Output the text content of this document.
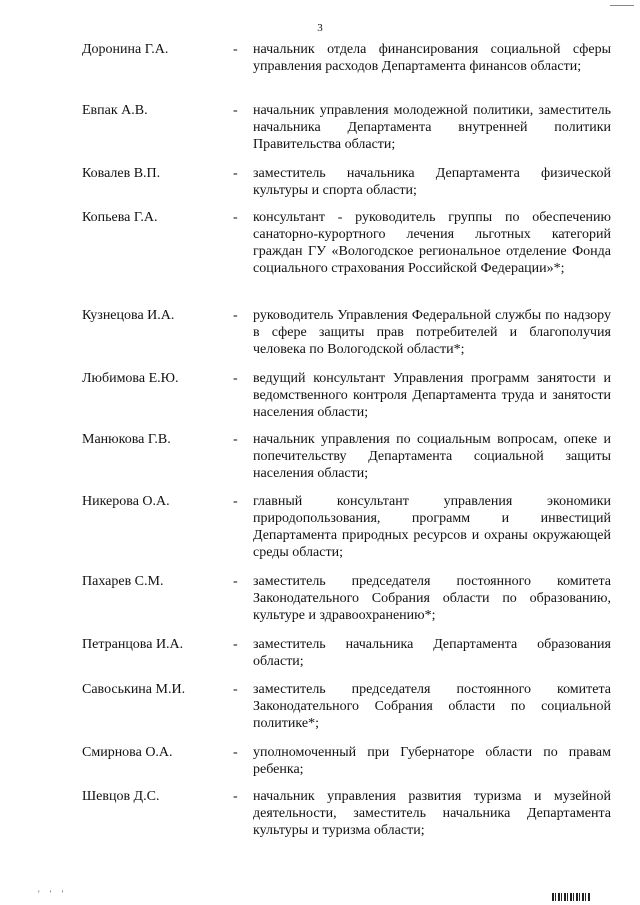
3
Доронина Г.А.	- начальник отдела финансирования социальной сферы управления расходов Департамента финансов области;
Евпак А.В.	- начальник управления молодежной политики, заместитель начальника Департамента внутренней политики Правительства области;
Ковалев В.П.	- заместитель начальника Департамента физической культуры и спорта области;
Копьева Г.А.	- консультант - руководитель группы по обеспечению санаторно-курортного лечения льготных категорий граждан ГУ «Вологодское региональное отделение Фонда социального страхования Российской Федерации»*;
Кузнецова И.А.	- руководитель Управления Федеральной службы по надзору в сфере защиты прав потребителей и благополучия человека по Вологодской области*;
Любимова Е.Ю.	- ведущий консультант Управления программ занятости и ведомственного контроля Департамента труда и занятости населения области;
Манюкова Г.В.	- начальник управления по социальным вопросам, опеке и попечительству Департамента социальной защиты населения области;
Никерова О.А.	- главный консультант управления экономики природопользования, программ и инвестиций Департамента природных ресурсов и охраны окружающей среды области;
Пахарев С.М.	- заместитель председателя постоянного комитета Законодательного Собрания области по образованию, культуре и здравоохранению*;
Петранцова И.А.	- заместитель начальника Департамента образования области;
Савоськина М.И.	- заместитель председателя постоянного комитета Законодательного Собрания области по социальной политике*;
Смирнова О.А.	- уполномоченный при Губернаторе области по правам ребенка;
Шевцов Д.С.	- начальник управления развития туризма и музейной деятельности, заместитель начальника Департамента культуры и туризма области;
' ' '
